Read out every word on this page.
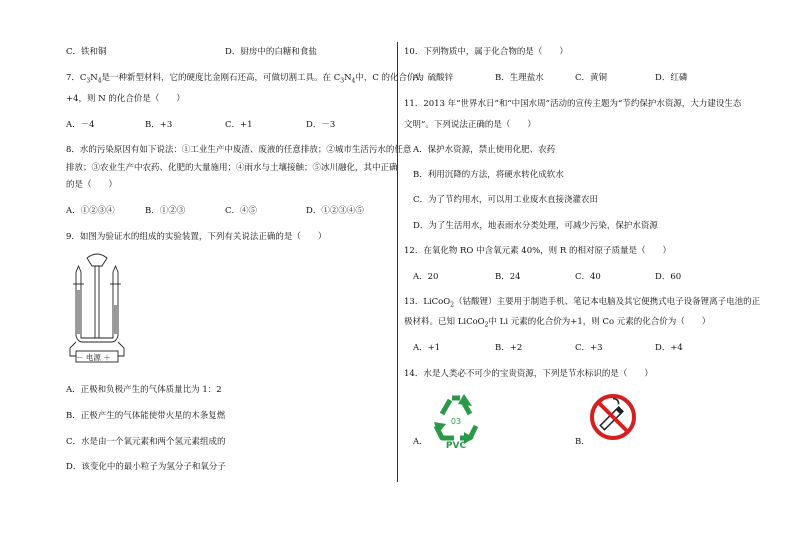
C．铁和铜	D．厨房中的白糖和食盐
7．$C_3N_4$是一种新型材料，它的硬度比金刚石还高，可做切割工具。在 $C_3N_4$中，C 的化合价为
+4，则 N 的化合价是（　　）
A．－4	B．+3	C．+1	D．－3
8．水的污染原因有如下说法：①工业生产中废渣、废液的任意排放；②城市生活污水的任意
排放；③农业生产中农药、化肥的大量施用；④雨水与土壤接触；⑤冰川融化，其中正确
的是（　　）
A．①②③④	B．①②③	C．④⑤	D．①②③④⑤
9．如图为验证水的组成的实验装置，下列有关说法正确的是（　　）
－ 电源 ＋
A．正极和负极产生的气体质量比为 1：2
B．正极产生的气体能使带火星的木条复燃
C．水是由一个氧元素和两个氢元素组成的
D．该变化中的最小粒子为氢分子和氧分子
10．下列物质中，属于化合物的是（　　）
A．硫酸锌	B．生理盐水	C．黄铜	D．红磷
11．2013 年“世界水日”和“中国水周”活动的宣传主题为“节约保护水资源，大力建设生态
文明”。下列说法正确的是（　　）
A．保护水资源，禁止使用化肥、农药
B．利用沉降的方法，将硬水转化成软水
C．为了节约用水，可以用工业废水直接浇灌农田
D．为了生活用水，地表雨水分类处理，可减少污染，保护水资源
12．在氧化物 RO 中含氧元素 40%，则 R 的相对原子质量是（　　）
A．20	B．24	C．40	D．60
13．LiCoO$_2$（钴酸锂）主要用于制造手机、笔记本电脑及其它便携式电子设备锂离子电池的正
极材料。已知 LiCoO$_2$中 Li 元素的化合价为+1，则 Co 元素的化合价为（　　）
A．+1	B．+2	C．+3	D．+4
14．水是人类必不可少的宝贵资源，下列是节水标识的是（　　）
A．
03
PVC	B．
